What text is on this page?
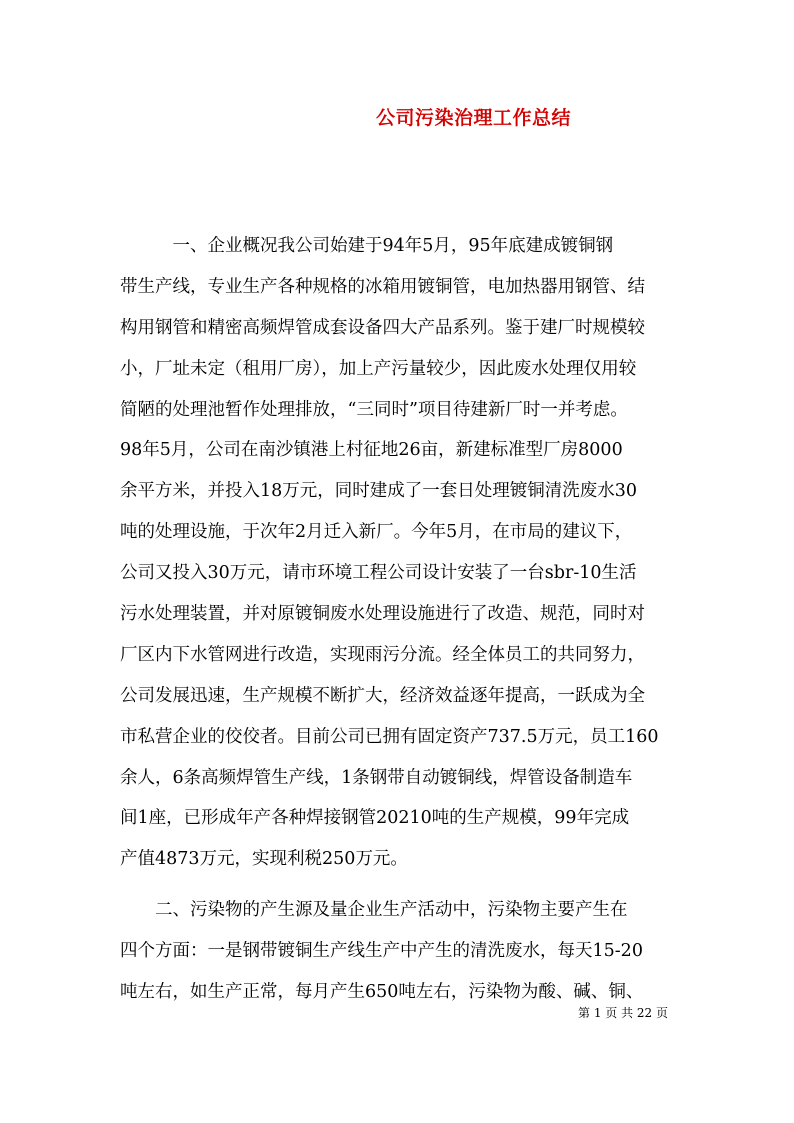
公司污染治理工作总结
　　　一、企业概况我公司始建于94年5月，95年底建成镀铜钢
带生产线，专业生产各种规格的冰箱用镀铜管，电加热器用钢管、结
构用钢管和精密高频焊管成套设备四大产品系列。鉴于建厂时规模较
小，厂址未定（租用厂房），加上产污量较少，因此废水处理仅用较
简陋的处理池暂作处理排放，“三同时”项目待建新厂时一并考虑。
98年5月，公司在南沙镇港上村征地26亩，新建标准型厂房8000
余平方米，并投入18万元，同时建成了一套日处理镀铜清洗废水30
吨的处理设施，于次年2月迁入新厂。今年5月，在市局的建议下，
公司又投入30万元，请市环境工程公司设计安装了一台sbr-10生活
污水处理装置，并对原镀铜废水处理设施进行了改造、规范，同时对
厂区内下水管网进行改造，实现雨污分流。经全体员工的共同努力，
公司发展迅速，生产规模不断扩大，经济效益逐年提高，一跃成为全
市私营企业的佼佼者。目前公司已拥有固定资产737.5万元，员工160
余人，6条高频焊管生产线，1条钢带自动镀铜线，焊管设备制造车
间1座，已形成年产各种焊接钢管20210吨的生产规模，99年完成
产值4873万元，实现利税250万元。
　　二、污染物的产生源及量企业生产活动中，污染物主要产生在
四个方面：一是钢带镀铜生产线生产中产生的清洗废水，每天15-20
吨左右，如生产正常，每月产生650吨左右，污染物为酸、碱、铜、
第 1 页 共 22 页
